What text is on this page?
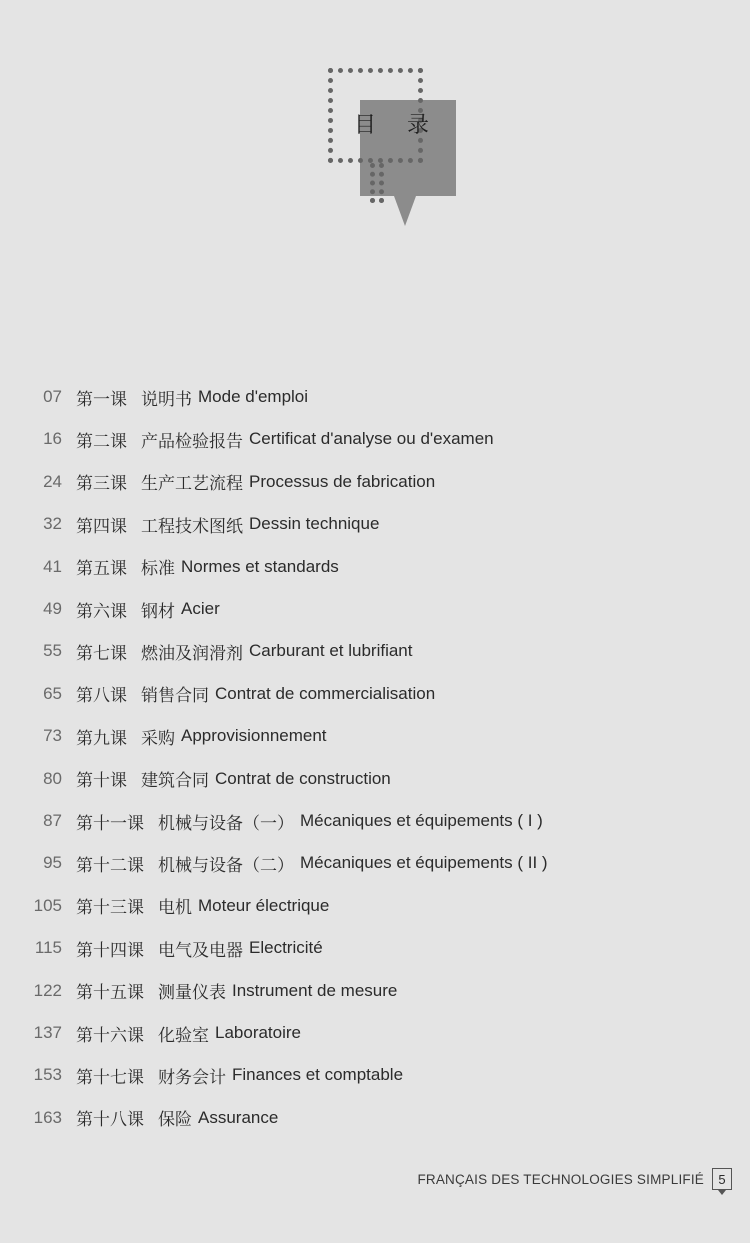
目 录
07 第一课 说明书 Mode d'emploi
16 第二课 产品检验报告 Certificat d'analyse ou d'examen
24 第三课 生产工艺流程 Processus de fabrication
32 第四课 工程技术图纸 Dessin technique
41 第五课 标准 Normes et standards
49 第六课 钢材 Acier
55 第七课 燃油及润滑剂 Carburant et lubrifiant
65 第八课 销售合同 Contrat de commercialisation
73 第九课 采购 Approvisionnement
80 第十课 建筑合同 Contrat de construction
87 第十一课 机械与设备（一） Mécaniques et équipements ( I )
95 第十二课 机械与设备（二） Mécaniques et équipements ( II )
105 第十三课 电机 Moteur électrique
115 第十四课 电气及电器 Electricité
122 第十五课 测量仪表 Instrument de mesure
137 第十六课 化验室 Laboratoire
153 第十七课 财务会计 Finances et comptable
163 第十八课 保险 Assurance
FRANÇAIS DES TECHNOLOGIES SIMPLIFIÉ	5
